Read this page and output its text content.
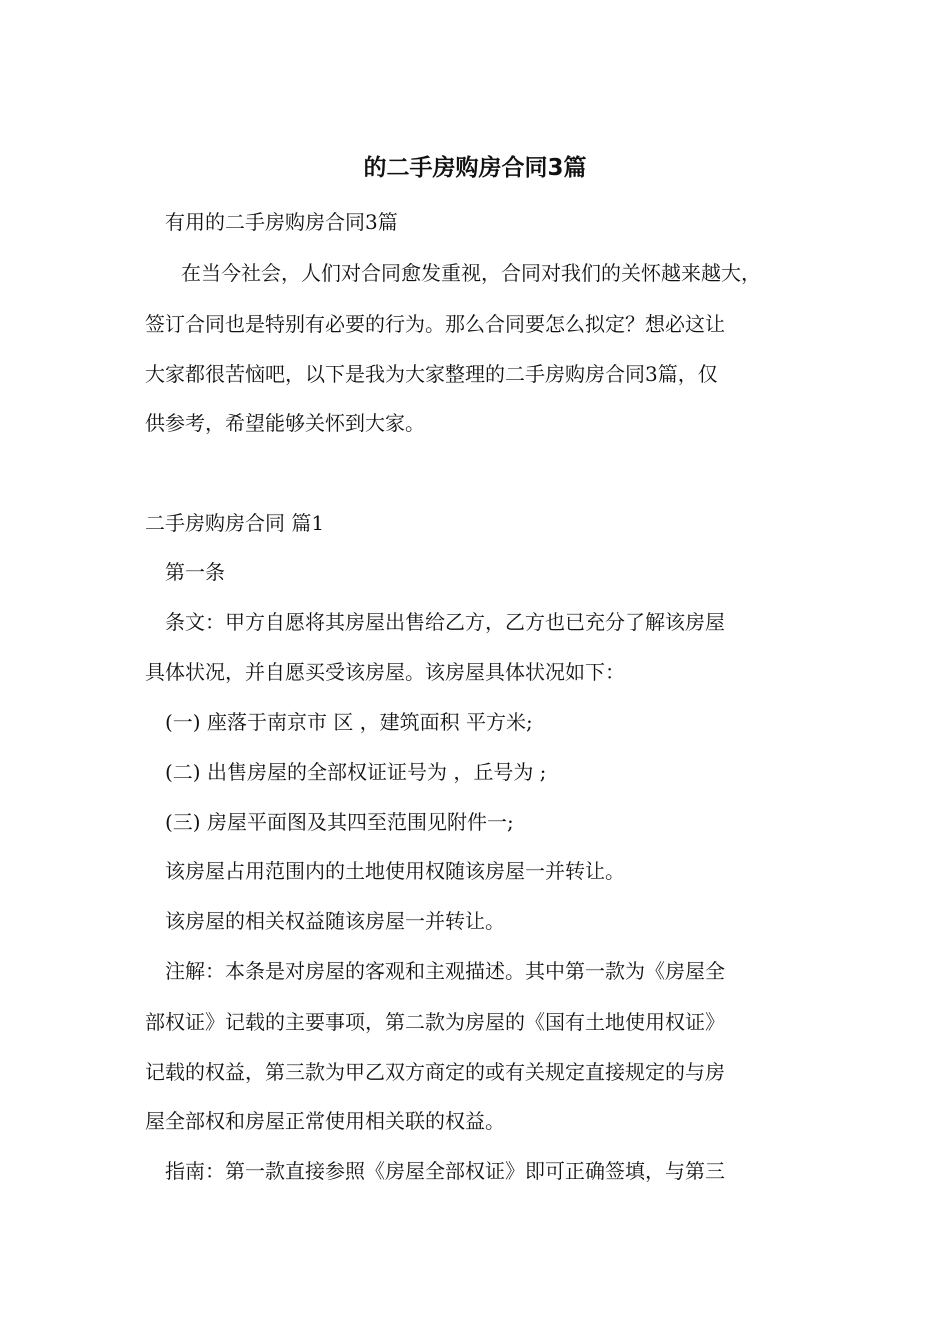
的二手房购房合同3篇
有用的二手房购房合同3篇
在当今社会，人们对合同愈发重视，合同对我们的关怀越来越大，
签订合同也是特别有必要的行为。那么合同要怎么拟定？想必这让
大家都很苦恼吧，以下是我为大家整理的二手房购房合同3篇，仅
供参考，希望能够关怀到大家。
二手房购房合同 篇1
第一条
条文：甲方自愿将其房屋出售给乙方，乙方也已充分了解该房屋
具体状况，并自愿买受该房屋。该房屋具体状况如下：
(一) 座落于南京市 区 ，建筑面积 平方米;
(二) 出售房屋的全部权证证号为 ，丘号为 ;
(三) 房屋平面图及其四至范围见附件一;
该房屋占用范围内的土地使用权随该房屋一并转让。
该房屋的相关权益随该房屋一并转让。
注解：本条是对房屋的客观和主观描述。其中第一款为《房屋全
部权证》记载的主要事项，第二款为房屋的《国有土地使用权证》
记载的权益，第三款为甲乙双方商定的或有关规定直接规定的与房
屋全部权和房屋正常使用相关联的权益。
指南：第一款直接参照《房屋全部权证》即可正确签填，与第三
